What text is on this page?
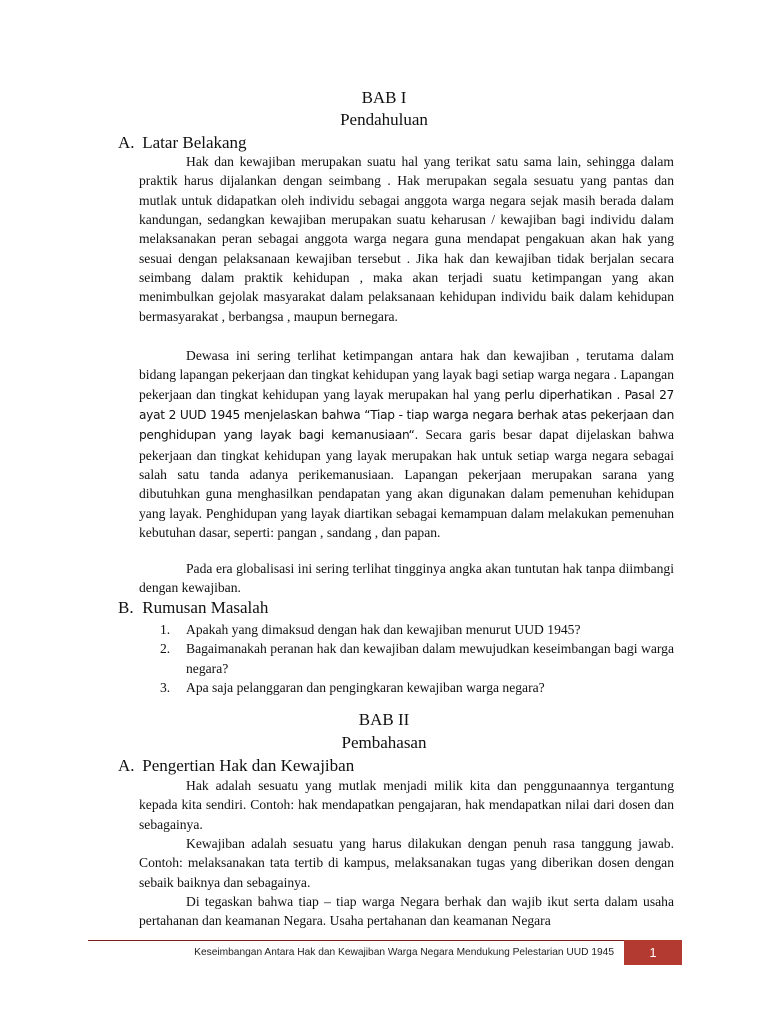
BAB I
Pendahuluan
A. Latar Belakang

Hak dan kewajiban merupakan suatu hal yang terikat satu sama lain, sehingga dalam praktik harus dijalankan dengan seimbang . Hak merupakan segala sesuatu yang pantas dan mutlak untuk didapatkan oleh individu sebagai anggota warga negara sejak masih berada dalam kandungan, sedangkan kewajiban merupakan suatu keharusan / kewajiban bagi individu dalam melaksanakan peran sebagai anggota warga negara guna mendapat pengakuan akan hak yang sesuai dengan pelaksanaan kewajiban tersebut . Jika hak dan kewajiban tidak berjalan secara seimbang dalam praktik kehidupan , maka akan terjadi suatu ketimpangan yang akan menimbulkan gejolak masyarakat dalam pelaksanaan kehidupan individu baik dalam kehidupan bermasyarakat , berbangsa , maupun bernegara.

Dewasa ini sering terlihat ketimpangan antara hak dan kewajiban , terutama dalam bidang lapangan pekerjaan dan tingkat kehidupan yang layak bagi setiap warga negara . Lapangan pekerjaan dan tingkat kehidupan yang layak merupakan hal yang perlu diperhatikan . Pasal 27 ayat 2 UUD 1945 menjelaskan bahwa “Tiap - tiap warga negara berhak atas pekerjaan dan penghidupan yang layak bagi kemanusiaan“. Secara garis besar dapat dijelaskan bahwa pekerjaan dan tingkat kehidupan yang layak merupakan hak untuk setiap warga negara sebagai salah satu tanda adanya perikemanusiaan. Lapangan pekerjaan merupakan sarana yang dibutuhkan guna menghasilkan pendapatan yang akan digunakan dalam pemenuhan kehidupan yang layak. Penghidupan yang layak diartikan sebagai kemampuan dalam melakukan pemenuhan kebutuhan dasar, seperti: pangan , sandang , dan papan.

Pada era globalisasi ini sering terlihat tingginya angka akan tuntutan hak tanpa diimbangi dengan kewajiban.

B. Rumusan Masalah
1. Apakah yang dimaksud dengan hak dan kewajiban menurut UUD 1945?
2. Bagaimanakah peranan hak dan kewajiban dalam mewujudkan keseimbangan bagi warga negara?
3. Apa saja pelanggaran dan pengingkaran kewajiban warga negara?
BAB II
Pembahasan
A. Pengertian Hak dan Kewajiban

Hak adalah sesuatu yang mutlak menjadi milik kita dan penggunaannya tergantung kepada kita sendiri. Contoh: hak mendapatkan pengajaran, hak mendapatkan nilai dari dosen dan sebagainya.

Kewajiban adalah sesuatu yang harus dilakukan dengan penuh rasa tanggung jawab. Contoh: melaksanakan tata tertib di kampus, melaksanakan tugas yang diberikan dosen dengan sebaik baiknya dan sebagainya.

Di tegaskan bahwa tiap – tiap warga Negara berhak dan wajib ikut serta dalam usaha pertahanan dan keamanan Negara. Usaha pertahanan dan keamanan Negara

Keseimbangan Antara Hak dan Kewajiban Warga Negara Mendukung Pelestarian UUD 1945	1
